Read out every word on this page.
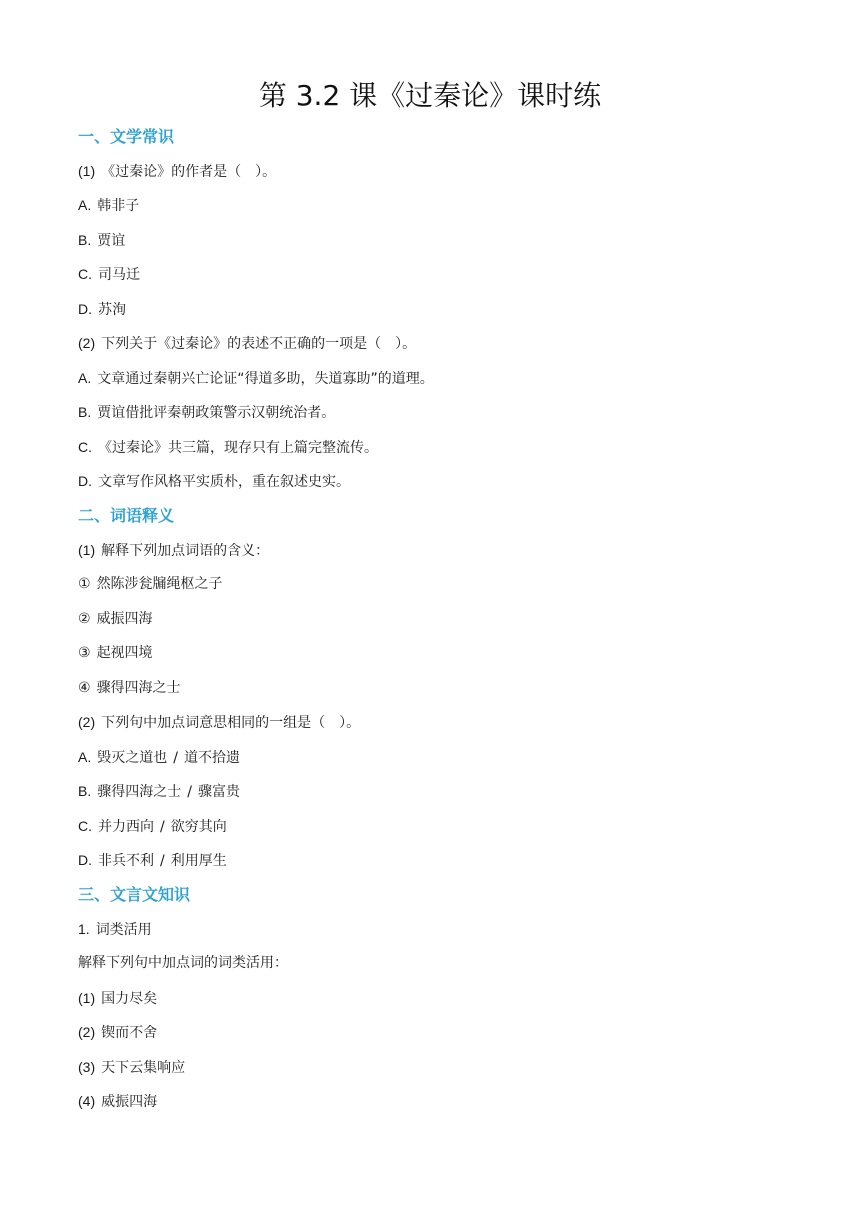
第 3.2 课《过秦论》课时练
一、文学常识
(1) 《过秦论》的作者是（　）。
A. 韩非子
B. 贾谊
C. 司马迁
D. 苏洵
(2) 下列关于《过秦论》的表述不正确的一项是（　）。
A. 文章通过秦朝兴亡论证“得道多助，失道寡助”的道理。
B. 贾谊借批评秦朝政策警示汉朝统治者。
C. 《过秦论》共三篇，现存只有上篇完整流传。
D. 文章写作风格平实质朴，重在叙述史实。
二、词语释义
(1) 解释下列加点词语的含义：
① 然陈涉瓮牖绳枢之子
② 威振四海
③ 起视四境
④ 骤得四海之士
(2) 下列句中加点词意思相同的一组是（　）。
A. 毁灭之道也 / 道不拾遗
B. 骤得四海之士 / 骤富贵
C. 并力西向 / 欲穷其向
D. 非兵不利 / 利用厚生
三、文言文知识
1. 词类活用
解释下列句中加点词的词类活用：
(1) 国力尽矣
(2) 锲而不舍
(3) 天下云集响应
(4) 威振四海
